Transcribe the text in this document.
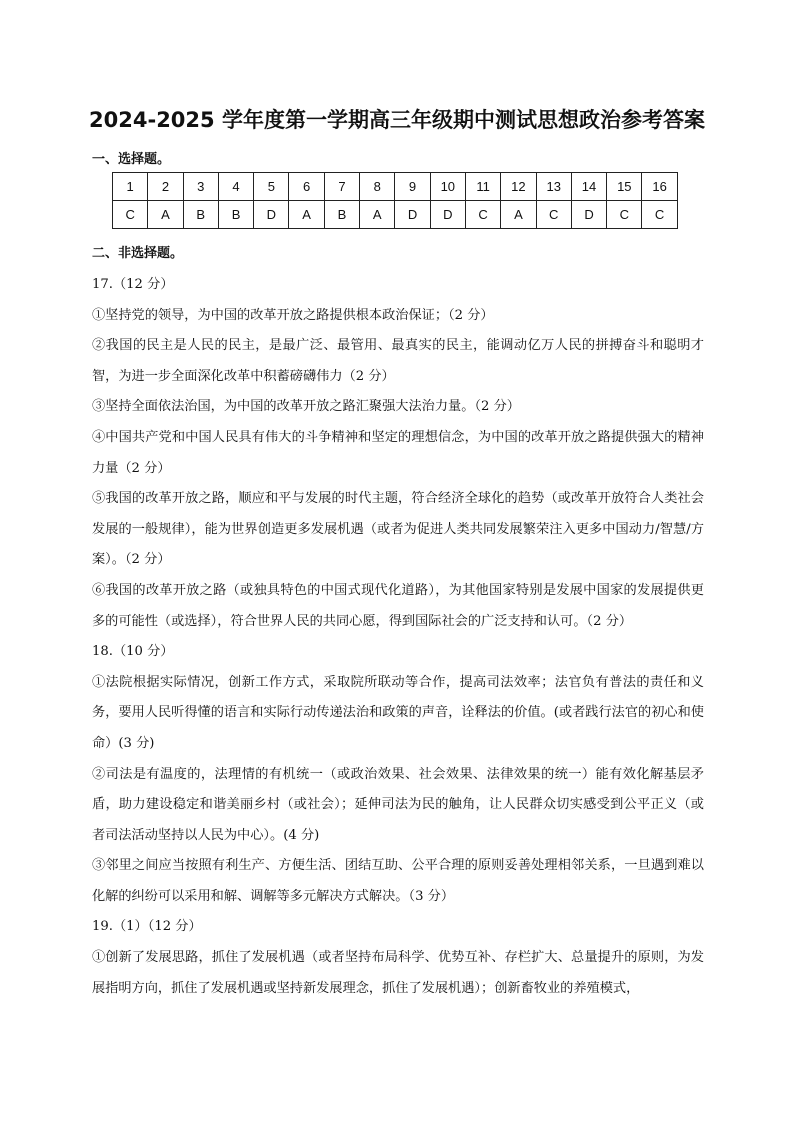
2024-2025 学年度第一学期高三年级期中测试思想政治参考答案
一、选择题。
1	2	3	4	5	6	7	8	9	10	11	12	13	14	15	16
C	A	B	B	D	A	B	A	D	D	C	A	C	D	C	C
二、非选择题。

17.（12 分）

①坚持党的领导，为中国的改革开放之路提供根本政治保证；（2 分）

②我国的民主是人民的民主，是最广泛、最管用、最真实的民主，能调动亿万人民的拼搏奋斗和聪明才智，为进一步全面深化改革中积蓄磅礴伟力（2 分）

③坚持全面依法治国，为中国的改革开放之路汇聚强大法治力量。（2 分）

④中国共产党和中国人民具有伟大的斗争精神和坚定的理想信念，为中国的改革开放之路提供强大的精神力量（2 分）

⑤我国的改革开放之路，顺应和平与发展的时代主题，符合经济全球化的趋势（或改革开放符合人类社会发展的一般规律），能为世界创造更多发展机遇（或者为促进人类共同发展繁荣注入更多中国动力/智慧/方案）。（2 分）

⑥我国的改革开放之路（或独具特色的中国式现代化道路），为其他国家特别是发展中国家的发展提供更多的可能性（或选择），符合世界人民的共同心愿，得到国际社会的广泛支持和认可。（2 分）

18.（10 分）

①法院根据实际情况，创新工作方式，采取院所联动等合作，提高司法效率；法官负有普法的责任和义务，要用人民听得懂的语言和实际行动传递法治和政策的声音，诠释法的价值。(或者践行法官的初心和使命）(3 分)

②司法是有温度的，法理情的有机统一（或政治效果、社会效果、法律效果的统一）能有效化解基层矛盾，助力建设稳定和谐美丽乡村（或社会）；延伸司法为民的触角，让人民群众切实感受到公平正义（或者司法活动坚持以人民为中心）。(4 分)

③邻里之间应当按照有利生产、方便生活、团结互助、公平合理的原则妥善处理相邻关系，一旦遇到难以化解的纠纷可以采用和解、调解等多元解决方式解决。（3 分）

19.（1）（12 分）

①创新了发展思路，抓住了发展机遇（或者坚持布局科学、优势互补、存栏扩大、总量提升的原则，为发展指明方向，抓住了发展机遇或坚持新发展理念，抓住了发展机遇）；创新畜牧业的养殖模式，
